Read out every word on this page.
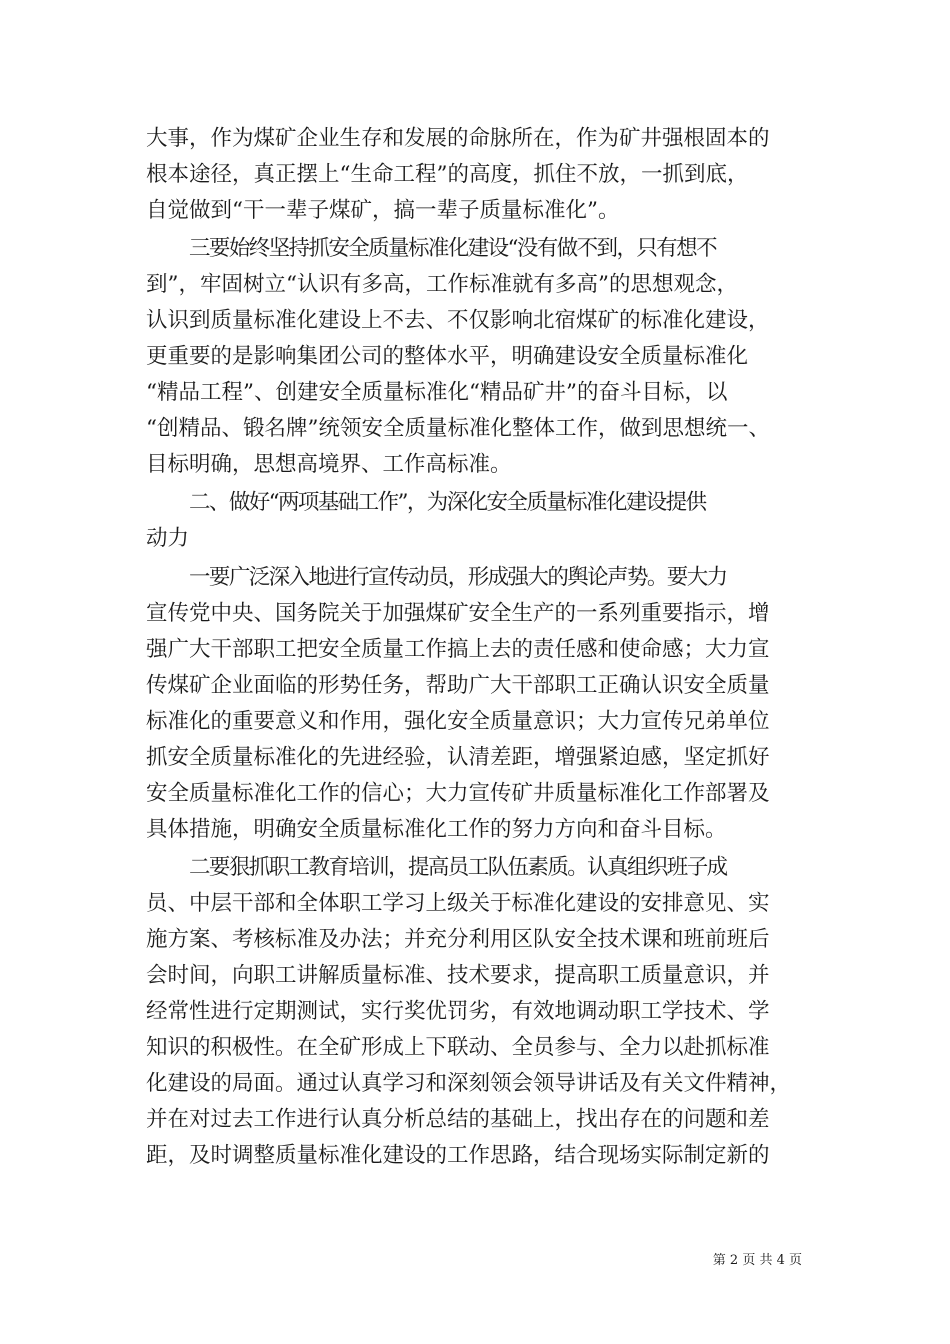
大事，作为煤矿企业生存和发展的命脉所在，作为矿井强根固本的
根本途径，真正摆上“生命工程”的高度，抓住不放，一抓到底，
自觉做到“干一辈子煤矿，搞一辈子质量标准化”。
三要始终坚持抓安全质量标准化建设“没有做不到，只有想不
到”，牢固树立“认识有多高，工作标准就有多高”的思想观念，
认识到质量标准化建设上不去、不仅影响北宿煤矿的标准化建设，
更重要的是影响集团公司的整体水平，明确建设安全质量标准化
“精品工程”、创建安全质量标准化“精品矿井”的奋斗目标，以
“创精品、锻名牌”统领安全质量标准化整体工作，做到思想统一、
目标明确，思想高境界、工作高标准。
二、做好“两项基础工作”，为深化安全质量标准化建设提供
动力
一要广泛深入地进行宣传动员，形成强大的舆论声势。要大力
宣传党中央、国务院关于加强煤矿安全生产的一系列重要指示，增
强广大干部职工把安全质量工作搞上去的责任感和使命感；大力宣
传煤矿企业面临的形势任务，帮助广大干部职工正确认识安全质量
标准化的重要意义和作用，强化安全质量意识；大力宣传兄弟单位
抓安全质量标准化的先进经验，认清差距，增强紧迫感，坚定抓好
安全质量标准化工作的信心；大力宣传矿井质量标准化工作部署及
具体措施，明确安全质量标准化工作的努力方向和奋斗目标。
二要狠抓职工教育培训，提高员工队伍素质。认真组织班子成
员、中层干部和全体职工学习上级关于标准化建设的安排意见、实
施方案、考核标准及办法；并充分利用区队安全技术课和班前班后
会时间，向职工讲解质量标准、技术要求，提高职工质量意识，并
经常性进行定期测试，实行奖优罚劣，有效地调动职工学技术、学
知识的积极性。在全矿形成上下联动、全员参与、全力以赴抓标准
化建设的局面。通过认真学习和深刻领会领导讲话及有关文件精神，
并在对过去工作进行认真分析总结的基础上，找出存在的问题和差
距，及时调整质量标准化建设的工作思路，结合现场实际制定新的
第 2 页 共 4 页
